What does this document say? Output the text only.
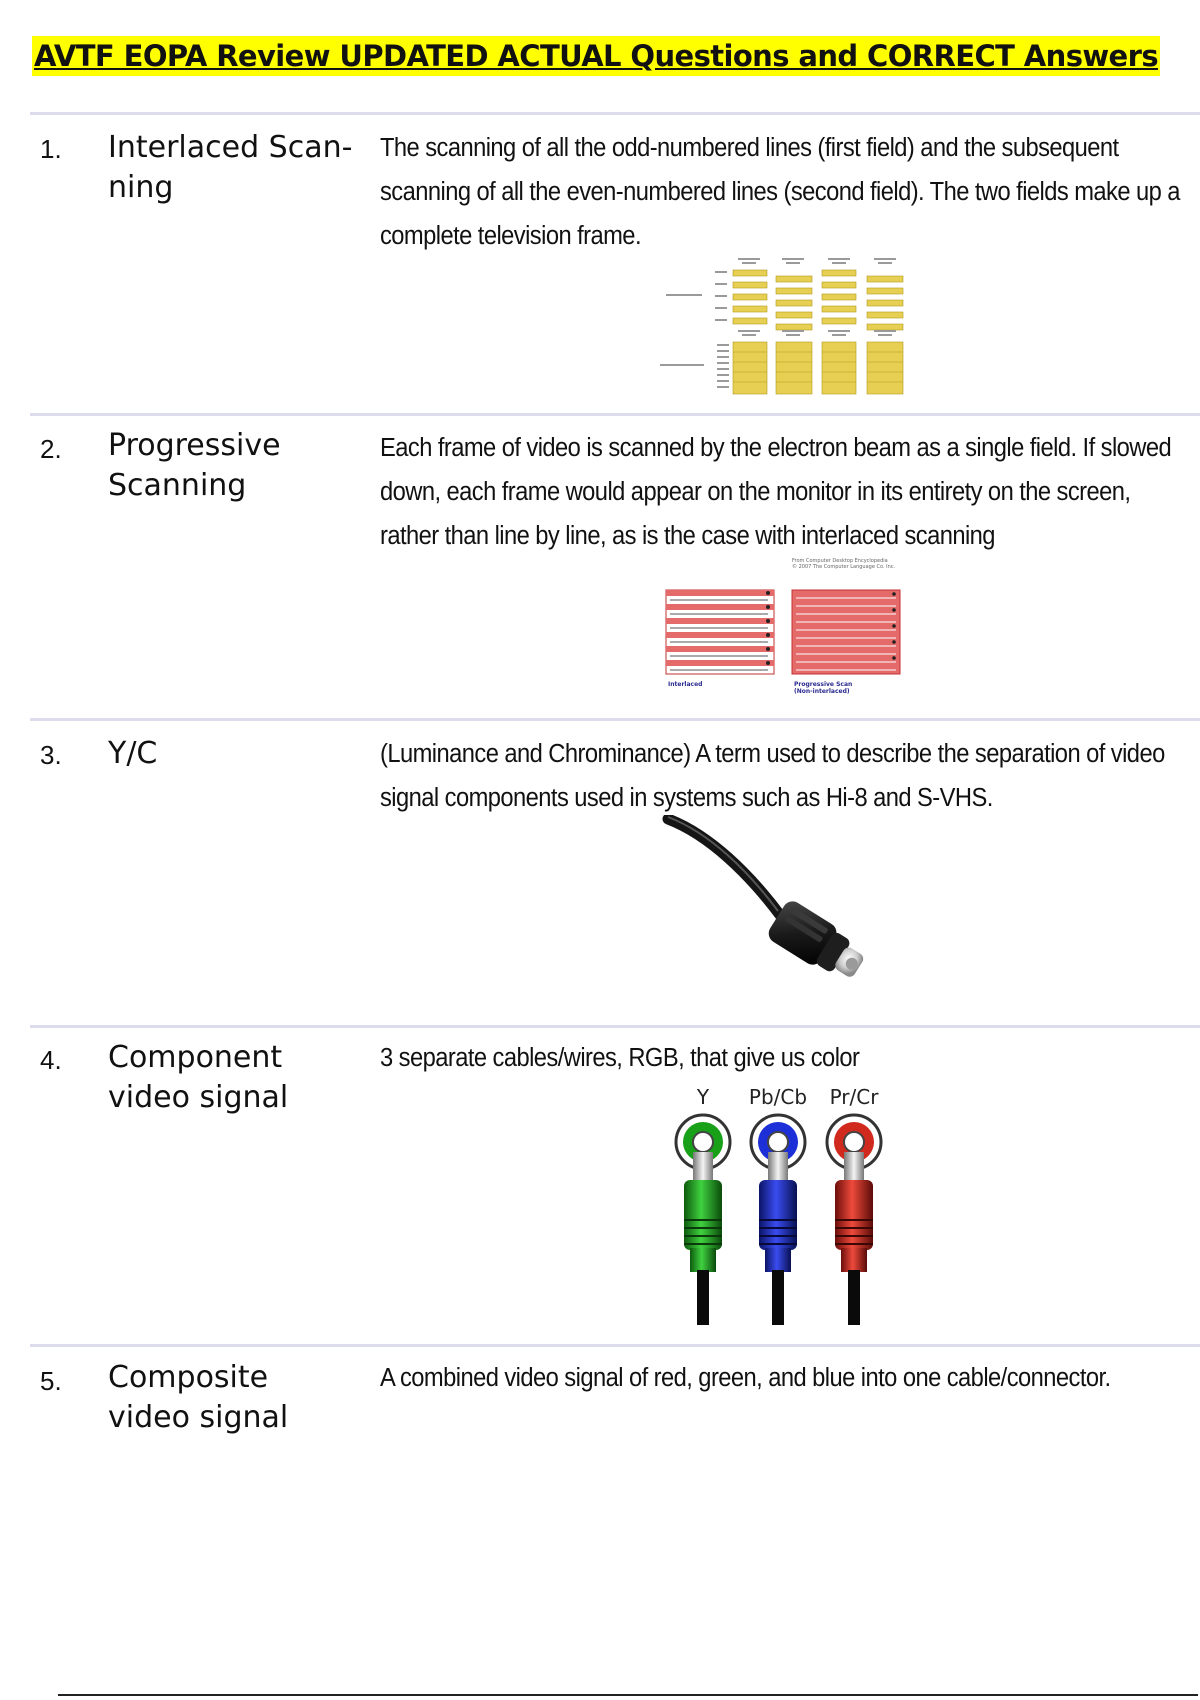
AVTF EOPA Review UPDATED ACTUAL Questions and CORRECT Answers
1. Interlaced Scan- ning
The scanning of all the odd-numbered lines (first field) and the subsequent scanning of all the even-numbered lines (second field). The two fields make up a complete television frame.
2. Progressive Scanning
Each frame of video is scanned by the electron beam as a single field. If slowed down, each frame would appear on the monitor in its entirety on the screen, rather than line by line, as is the case with interlaced scanning
From Computer Desktop Encyclopedia
© 2007 The Computer Language Co. Inc.
Interlaced	Progressive Scan
(Non-interlaced)
3. Y/C	(Luminance and Chrominance) A term used to describe the separation of video signal components used in systems such as Hi-8 and S-VHS.
4. Component video signal
3 separate cables/wires, RGB, that give us color
Y Pb/Cb Pr/Cr
5. Composite video signal
A combined video signal of red, green, and blue into one cable/connector.
